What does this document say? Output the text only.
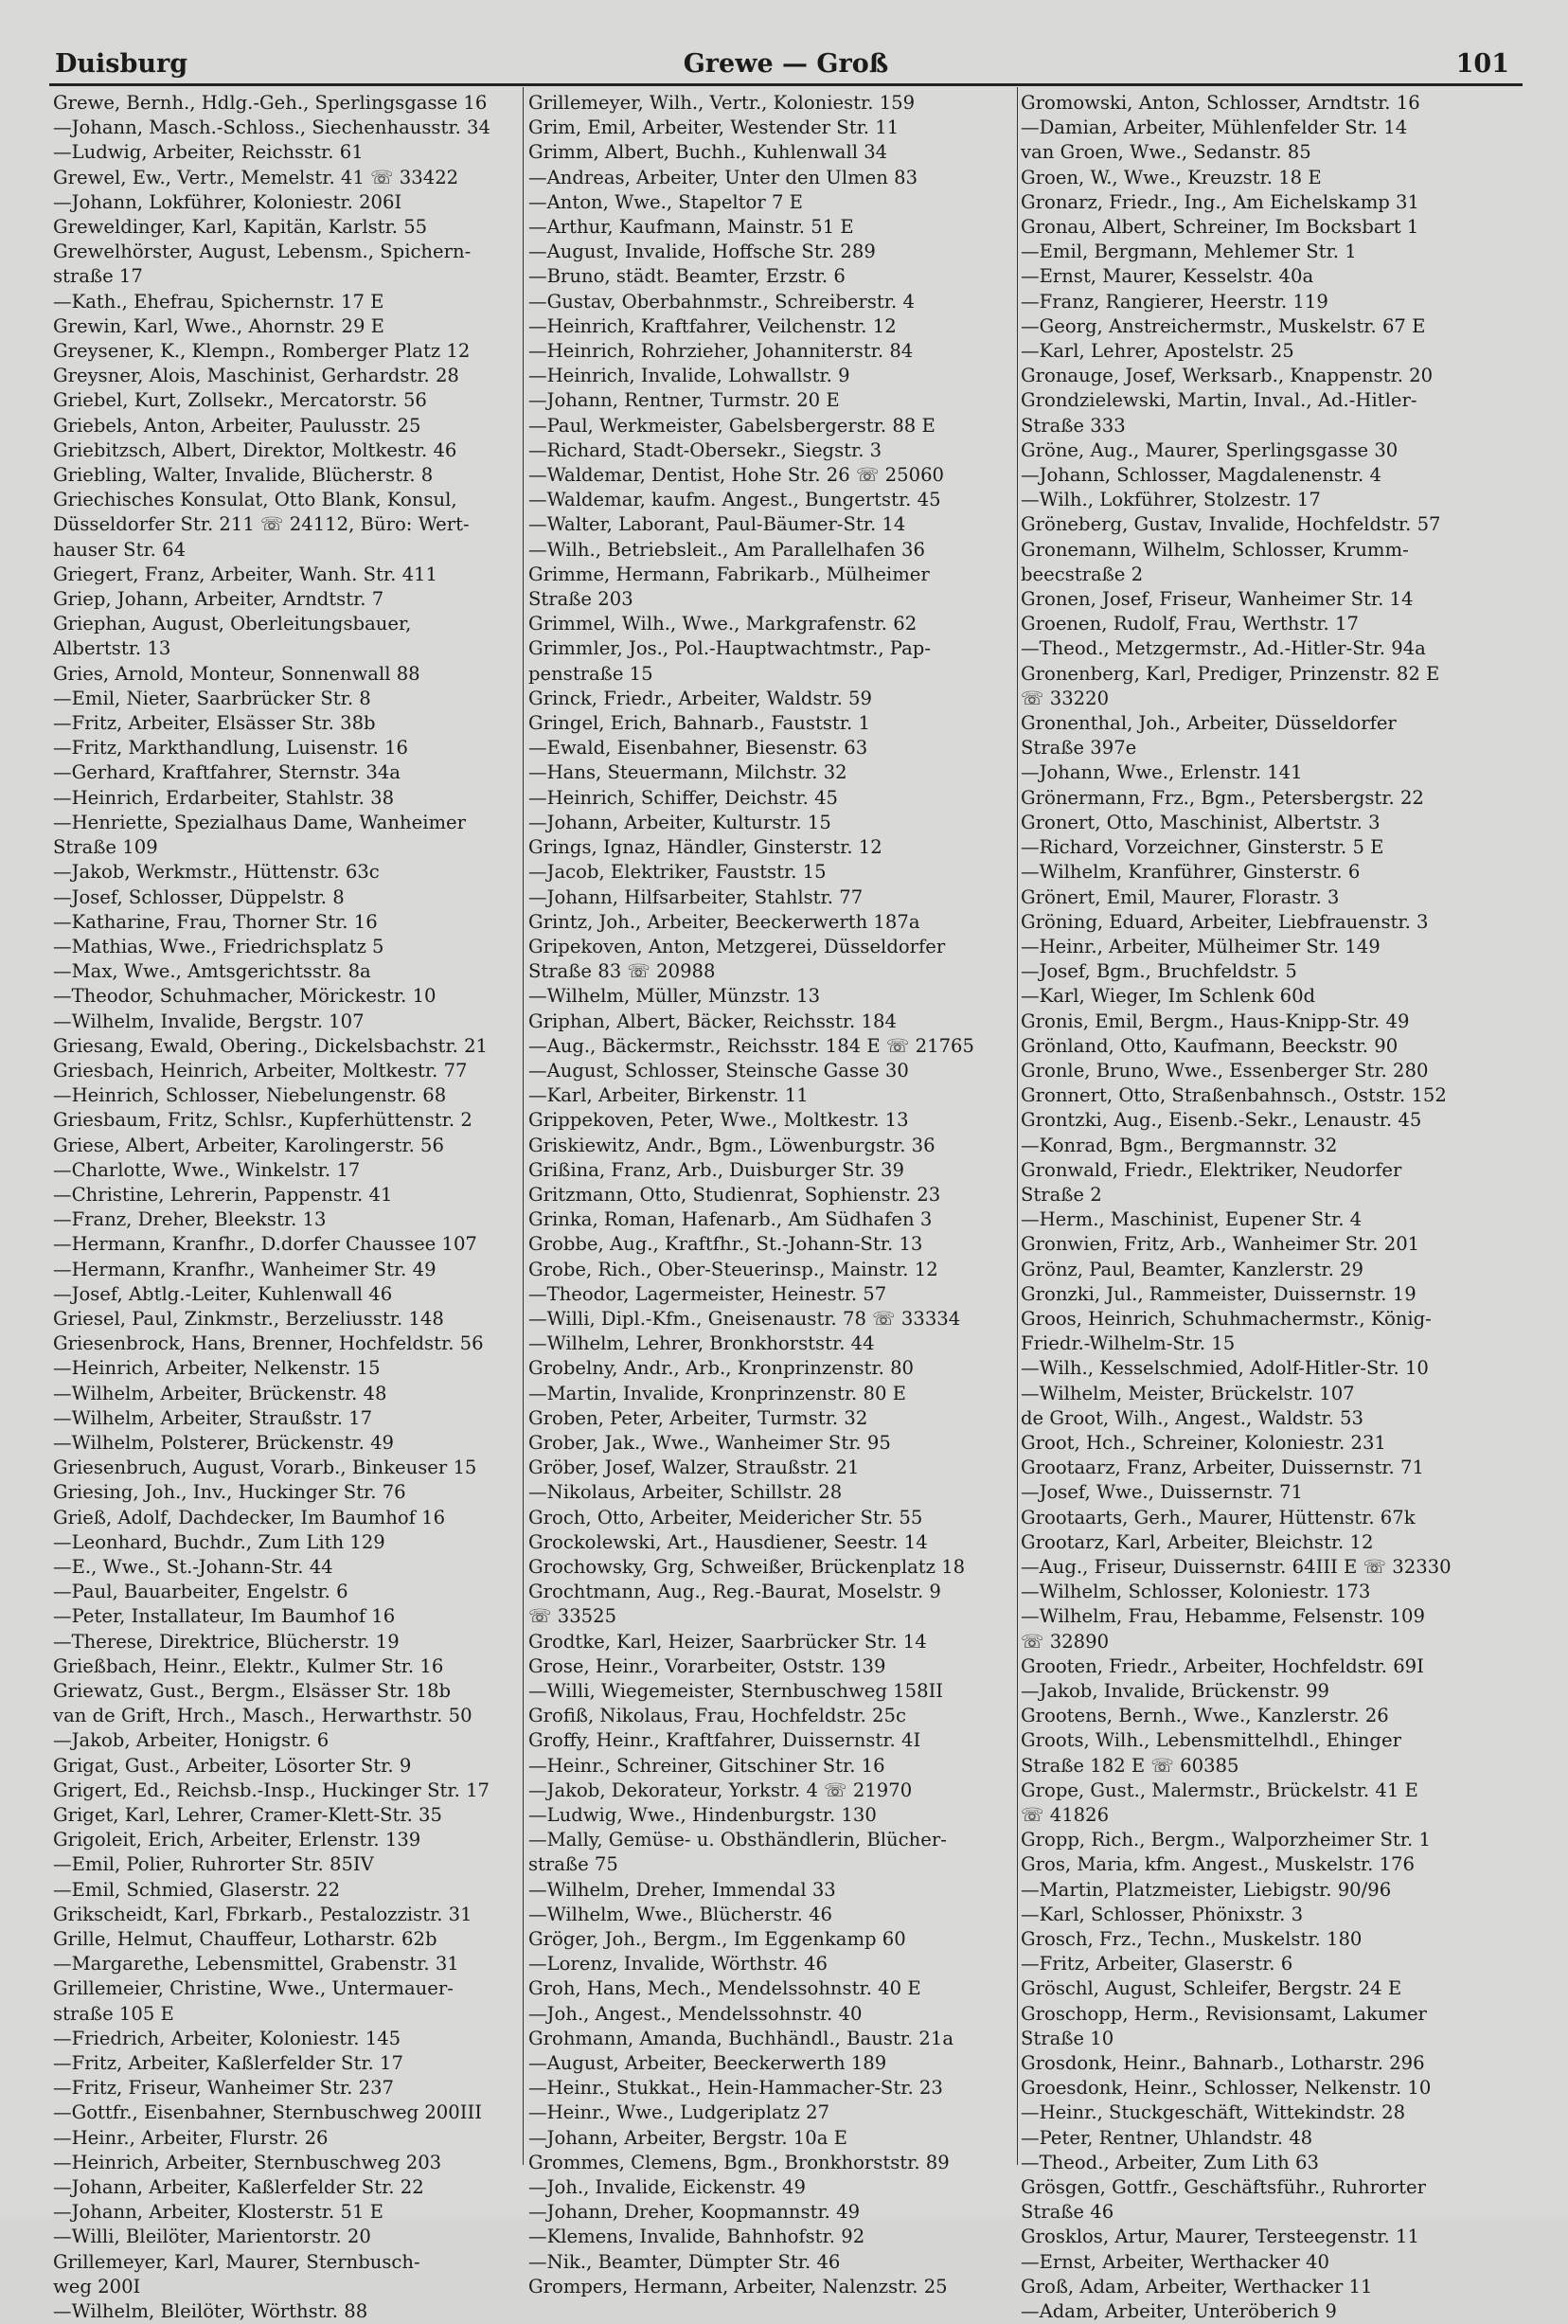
Duisburg	Grewe — Groß	101
Grewe, Bernh., Hdlg.-Geh., Sperlingsgasse 16
—Johann, Masch.-Schloss., Siechenhausstr. 34
—Ludwig, Arbeiter, Reichsstr. 61
Grewel, Ew., Vertr., Memelstr. 41 ☏ 33422
—Johann, Lokführer, Koloniestr. 206I
Greweldinger, Karl, Kapitän, Karlstr. 55
Grewelhörster, August, Lebensm., Spichern-
straße 17
—Kath., Ehefrau, Spichernstr. 17 E
Grewin, Karl, Wwe., Ahornstr. 29 E
Greysener, K., Klempn., Romberger Platz 12
Greysner, Alois, Maschinist, Gerhardstr. 28
Griebel, Kurt, Zollsekr., Mercatorstr. 56
Griebels, Anton, Arbeiter, Paulusstr. 25
Griebitzsch, Albert, Direktor, Moltkestr. 46
Griebling, Walter, Invalide, Blücherstr. 8
Griechisches Konsulat, Otto Blank, Konsul,
Düsseldorfer Str. 211 ☏ 24112, Büro: Wert-
hauser Str. 64
Griegert, Franz, Arbeiter, Wanh. Str. 411
Griep, Johann, Arbeiter, Arndtstr. 7
Griephan, August, Oberleitungsbauer,
Albertstr. 13
Gries, Arnold, Monteur, Sonnenwall 88
—Emil, Nieter, Saarbrücker Str. 8
—Fritz, Arbeiter, Elsässer Str. 38b
—Fritz, Markthandlung, Luisenstr. 16
—Gerhard, Kraftfahrer, Sternstr. 34a
—Heinrich, Erdarbeiter, Stahlstr. 38
—Henriette, Spezialhaus Dame, Wanheimer
Straße 109
—Jakob, Werkmstr., Hüttenstr. 63c
—Josef, Schlosser, Düppelstr. 8
—Katharine, Frau, Thorner Str. 16
—Mathias, Wwe., Friedrichsplatz 5
—Max, Wwe., Amtsgerichtsstr. 8a
—Theodor, Schuhmacher, Mörickestr. 10
—Wilhelm, Invalide, Bergstr. 107
Griesang, Ewald, Obering., Dickelsbachstr. 21
Griesbach, Heinrich, Arbeiter, Moltkestr. 77
—Heinrich, Schlosser, Niebelungenstr. 68
Griesbaum, Fritz, Schlsr., Kupferhüttenstr. 2
Griese, Albert, Arbeiter, Karolingerstr. 56
—Charlotte, Wwe., Winkelstr. 17
—Christine, Lehrerin, Pappenstr. 41
—Franz, Dreher, Bleekstr. 13
—Hermann, Kranfhr., D.dorfer Chaussee 107
—Hermann, Kranfhr., Wanheimer Str. 49
—Josef, Abtlg.-Leiter, Kuhlenwall 46
Griesel, Paul, Zinkmstr., Berzeliusstr. 148
Griesenbrock, Hans, Brenner, Hochfeldstr. 56
—Heinrich, Arbeiter, Nelkenstr. 15
—Wilhelm, Arbeiter, Brückenstr. 48
—Wilhelm, Arbeiter, Straußstr. 17
—Wilhelm, Polsterer, Brückenstr. 49
Griesenbruch, August, Vorarb., Binkeuser 15
Griesing, Joh., Inv., Huckinger Str. 76
Grieß, Adolf, Dachdecker, Im Baumhof 16
—Leonhard, Buchdr., Zum Lith 129
—E., Wwe., St.-Johann-Str. 44
—Paul, Bauarbeiter, Engelstr. 6
—Peter, Installateur, Im Baumhof 16
—Therese, Direktrice, Blücherstr. 19
Grießbach, Heinr., Elektr., Kulmer Str. 16
Griewatz, Gust., Bergm., Elsässer Str. 18b
van de Grift, Hrch., Masch., Herwarthstr. 50
—Jakob, Arbeiter, Honigstr. 6
Grigat, Gust., Arbeiter, Lösorter Str. 9
Grigert, Ed., Reichsb.-Insp., Huckinger Str. 17
Griget, Karl, Lehrer, Cramer-Klett-Str. 35
Grigoleit, Erich, Arbeiter, Erlenstr. 139
—Emil, Polier, Ruhrorter Str. 85IV
—Emil, Schmied, Glaserstr. 22
Grikscheidt, Karl, Fbrkarb., Pestalozzistr. 31
Grille, Helmut, Chauffeur, Lotharstr. 62b
—Margarethe, Lebensmittel, Grabenstr. 31
Grillemeier, Christine, Wwe., Untermauer-
straße 105 E
—Friedrich, Arbeiter, Koloniestr. 145
—Fritz, Arbeiter, Kaßlerfelder Str. 17
—Fritz, Friseur, Wanheimer Str. 237
—Gottfr., Eisenbahner, Sternbuschweg 200III
—Heinr., Arbeiter, Flurstr. 26
—Heinrich, Arbeiter, Sternbuschweg 203
—Johann, Arbeiter, Kaßlerfelder Str. 22
—Johann, Arbeiter, Klosterstr. 51 E
—Willi, Bleilöter, Marientorstr. 20
Grillemeyer, Karl, Maurer, Sternbusch-
weg 200I
—Wilhelm, Bleilöter, Wörthstr. 88
Grillemeyer, Wilh., Vertr., Koloniestr. 159
Grim, Emil, Arbeiter, Westender Str. 11
Grimm, Albert, Buchh., Kuhlenwall 34
—Andreas, Arbeiter, Unter den Ulmen 83
—Anton, Wwe., Stapeltor 7 E
—Arthur, Kaufmann, Mainstr. 51 E
—August, Invalide, Hoffsche Str. 289
—Bruno, städt. Beamter, Erzstr. 6
—Gustav, Oberbahnmstr., Schreiberstr. 4
—Heinrich, Kraftfahrer, Veilchenstr. 12
—Heinrich, Rohrzieher, Johanniterstr. 84
—Heinrich, Invalide, Lohwallstr. 9
—Johann, Rentner, Turmstr. 20 E
—Paul, Werkmeister, Gabelsbergerstr. 88 E
—Richard, Stadt-Obersekr., Siegstr. 3
—Waldemar, Dentist, Hohe Str. 26 ☏ 25060
—Waldemar, kaufm. Angest., Bungertstr. 45
—Walter, Laborant, Paul-Bäumer-Str. 14
—Wilh., Betriebsleit., Am Parallelhafen 36
Grimme, Hermann, Fabrikarb., Mülheimer
Straße 203
Grimmel, Wilh., Wwe., Markgrafenstr. 62
Grimmler, Jos., Pol.-Hauptwachtmstr., Pap-
penstraße 15
Grinck, Friedr., Arbeiter, Waldstr. 59
Gringel, Erich, Bahnarb., Fauststr. 1
—Ewald, Eisenbahner, Biesenstr. 63
—Hans, Steuermann, Milchstr. 32
—Heinrich, Schiffer, Deichstr. 45
—Johann, Arbeiter, Kulturstr. 15
Grings, Ignaz, Händler, Ginsterstr. 12
—Jacob, Elektriker, Fauststr. 15
—Johann, Hilfsarbeiter, Stahlstr. 77
Grintz, Joh., Arbeiter, Beeckerwerth 187a
Gripekoven, Anton, Metzgerei, Düsseldorfer
Straße 83 ☏ 20988
—Wilhelm, Müller, Münzstr. 13
Griphan, Albert, Bäcker, Reichsstr. 184
—Aug., Bäckermstr., Reichsstr. 184 E ☏ 21765
—August, Schlosser, Steinsche Gasse 30
—Karl, Arbeiter, Birkenstr. 11
Grippekoven, Peter, Wwe., Moltkestr. 13
Griskiewitz, Andr., Bgm., Löwenburgstr. 36
Grißina, Franz, Arb., Duisburger Str. 39
Gritzmann, Otto, Studienrat, Sophienstr. 23
Grinka, Roman, Hafenarb., Am Südhafen 3
Grobbe, Aug., Kraftfhr., St.-Johann-Str. 13
Grobe, Rich., Ober-Steuerinsp., Mainstr. 12
—Theodor, Lagermeister, Heinestr. 57
—Willi, Dipl.-Kfm., Gneisenaustr. 78 ☏ 33334
—Wilhelm, Lehrer, Bronkhorststr. 44
Grobelny, Andr., Arb., Kronprinzenstr. 80
—Martin, Invalide, Kronprinzenstr. 80 E
Groben, Peter, Arbeiter, Turmstr. 32
Grober, Jak., Wwe., Wanheimer Str. 95
Gröber, Josef, Walzer, Straußstr. 21
—Nikolaus, Arbeiter, Schillstr. 28
Groch, Otto, Arbeiter, Meidericher Str. 55
Grockolewski, Art., Hausdiener, Seestr. 14
Grochowsky, Grg, Schweißer, Brückenplatz 18
Grochtmann, Aug., Reg.-Baurat, Moselstr. 9
☏ 33525
Grodtke, Karl, Heizer, Saarbrücker Str. 14
Grose, Heinr., Vorarbeiter, Oststr. 139
—Willi, Wiegemeister, Sternbuschweg 158II
Grofiß, Nikolaus, Frau, Hochfeldstr. 25c
Groffy, Heinr., Kraftfahrer, Duissernstr. 4I
—Heinr., Schreiner, Gitschiner Str. 16
—Jakob, Dekorateur, Yorkstr. 4 ☏ 21970
—Ludwig, Wwe., Hindenburgstr. 130
—Mally, Gemüse- u. Obsthändlerin, Blücher-
straße 75
—Wilhelm, Dreher, Immendal 33
—Wilhelm, Wwe., Blücherstr. 46
Gröger, Joh., Bergm., Im Eggenkamp 60
—Lorenz, Invalide, Wörthstr. 46
Groh, Hans, Mech., Mendelssohnstr. 40 E
—Joh., Angest., Mendelssohnstr. 40
Grohmann, Amanda, Buchhändl., Baustr. 21a
—August, Arbeiter, Beeckerwerth 189
—Heinr., Stukkat., Hein-Hammacher-Str. 23
—Heinr., Wwe., Ludgeriplatz 27
—Johann, Arbeiter, Bergstr. 10a E
Grommes, Clemens, Bgm., Bronkhorststr. 89
—Joh., Invalide, Eickenstr. 49
—Johann, Dreher, Koopmannstr. 49
—Klemens, Invalide, Bahnhofstr. 92
—Nik., Beamter, Dümpter Str. 46
Grompers, Hermann, Arbeiter, Nalenzstr. 25
Gromowski, Anton, Schlosser, Arndtstr. 16
—Damian, Arbeiter, Mühlenfelder Str. 14
van Groen, Wwe., Sedanstr. 85
Groen, W., Wwe., Kreuzstr. 18 E
Gronarz, Friedr., Ing., Am Eichelskamp 31
Gronau, Albert, Schreiner, Im Bocksbart 1
—Emil, Bergmann, Mehlemer Str. 1
—Ernst, Maurer, Kesselstr. 40a
—Franz, Rangierer, Heerstr. 119
—Georg, Anstreichermstr., Muskelstr. 67 E
—Karl, Lehrer, Apostelstr. 25
Gronauge, Josef, Werksarb., Knappenstr. 20
Grondzielewski, Martin, Inval., Ad.-Hitler-
Straße 333
Gröne, Aug., Maurer, Sperlingsgasse 30
—Johann, Schlosser, Magdalenenstr. 4
—Wilh., Lokführer, Stolzestr. 17
Gröneberg, Gustav, Invalide, Hochfeldstr. 57
Gronemann, Wilhelm, Schlosser, Krumm-
beecstraße 2
Gronen, Josef, Friseur, Wanheimer Str. 14
Groenen, Rudolf, Frau, Werthstr. 17
—Theod., Metzgermstr., Ad.-Hitler-Str. 94a
Gronenberg, Karl, Prediger, Prinzenstr. 82 E
☏ 33220
Gronenthal, Joh., Arbeiter, Düsseldorfer
Straße 397e
—Johann, Wwe., Erlenstr. 141
Grönermann, Frz., Bgm., Petersbergstr. 22
Gronert, Otto, Maschinist, Albertstr. 3
—Richard, Vorzeichner, Ginsterstr. 5 E
—Wilhelm, Kranführer, Ginsterstr. 6
Grönert, Emil, Maurer, Florastr. 3
Gröning, Eduard, Arbeiter, Liebfrauenstr. 3
—Heinr., Arbeiter, Mülheimer Str. 149
—Josef, Bgm., Bruchfeldstr. 5
—Karl, Wieger, Im Schlenk 60d
Gronis, Emil, Bergm., Haus-Knipp-Str. 49
Grönland, Otto, Kaufmann, Beeckstr. 90
Gronle, Bruno, Wwe., Essenberger Str. 280
Gronnert, Otto, Straßenbahnsch., Oststr. 152
Grontzki, Aug., Eisenb.-Sekr., Lenaustr. 45
—Konrad, Bgm., Bergmannstr. 32
Gronwald, Friedr., Elektriker, Neudorfer
Straße 2
—Herm., Maschinist, Eupener Str. 4
Gronwien, Fritz, Arb., Wanheimer Str. 201
Grönz, Paul, Beamter, Kanzlerstr. 29
Gronzki, Jul., Rammeister, Duissernstr. 19
Groos, Heinrich, Schuhmachermstr., König-
Friedr.-Wilhelm-Str. 15
—Wilh., Kesselschmied, Adolf-Hitler-Str. 10
—Wilhelm, Meister, Brückelstr. 107
de Groot, Wilh., Angest., Waldstr. 53
Groot, Hch., Schreiner, Koloniestr. 231
Grootaarz, Franz, Arbeiter, Duissernstr. 71
—Josef, Wwe., Duissernstr. 71
Grootaarts, Gerh., Maurer, Hüttenstr. 67k
Grootarz, Karl, Arbeiter, Bleichstr. 12
—Aug., Friseur, Duissernstr. 64III E ☏ 32330
—Wilhelm, Schlosser, Koloniestr. 173
—Wilhelm, Frau, Hebamme, Felsenstr. 109
☏ 32890
Grooten, Friedr., Arbeiter, Hochfeldstr. 69I
—Jakob, Invalide, Brückenstr. 99
Grootens, Bernh., Wwe., Kanzlerstr. 26
Groots, Wilh., Lebensmittelhdl., Ehinger
Straße 182 E ☏ 60385
Grope, Gust., Malermstr., Brückelstr. 41 E
☏ 41826
Gropp, Rich., Bergm., Walporzheimer Str. 1
Gros, Maria, kfm. Angest., Muskelstr. 176
—Martin, Platzmeister, Liebigstr. 90/96
—Karl, Schlosser, Phönixstr. 3
Grosch, Frz., Techn., Muskelstr. 180
—Fritz, Arbeiter, Glaserstr. 6
Gröschl, August, Schleifer, Bergstr. 24 E
Groschopp, Herm., Revisionsamt, Lakumer
Straße 10
Grosdonk, Heinr., Bahnarb., Lotharstr. 296
Groesdonk, Heinr., Schlosser, Nelkenstr. 10
—Heinr., Stuckgeschäft, Wittekindstr. 28
—Peter, Rentner, Uhlandstr. 48
—Theod., Arbeiter, Zum Lith 63
Grösgen, Gottfr., Geschäftsführ., Ruhrorter
Straße 46
Grosklos, Artur, Maurer, Tersteegenstr. 11
—Ernst, Arbeiter, Werthacker 40
Groß, Adam, Arbeiter, Werthacker 11
—Adam, Arbeiter, Unteröberich 9
